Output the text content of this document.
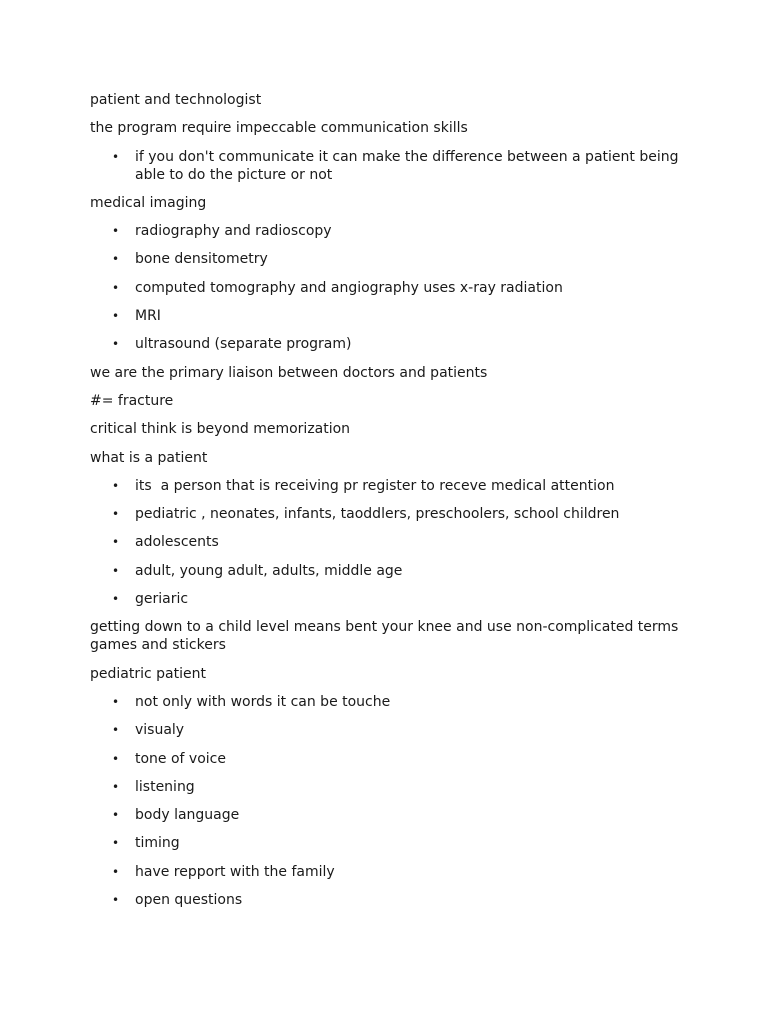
patient and technologist

the program require impeccable communication skills

• if you don't communicate it can make the difference between a patient being
able to do the picture or not

medical imaging

• radiography and radioscopy
• bone densitometry
• computed tomography and angiography uses x-ray radiation
• MRI
• ultrasound (separate program)

we are the primary liaison between doctors and patients

#= fracture

critical think is beyond memorization

what is a patient

• its  a person that is receiving pr register to receve medical attention
• pediatric , neonates, infants, taoddlers, preschoolers, school children
• adolescents
• adult, young adult, adults, middle age
• geriaric

getting down to a child level means bent your knee and use non-complicated terms
games and stickers

pediatric patient

• not only with words it can be touche
• visualy
• tone of voice
• listening
• body language
• timing
• have repport with the family
• open questions
